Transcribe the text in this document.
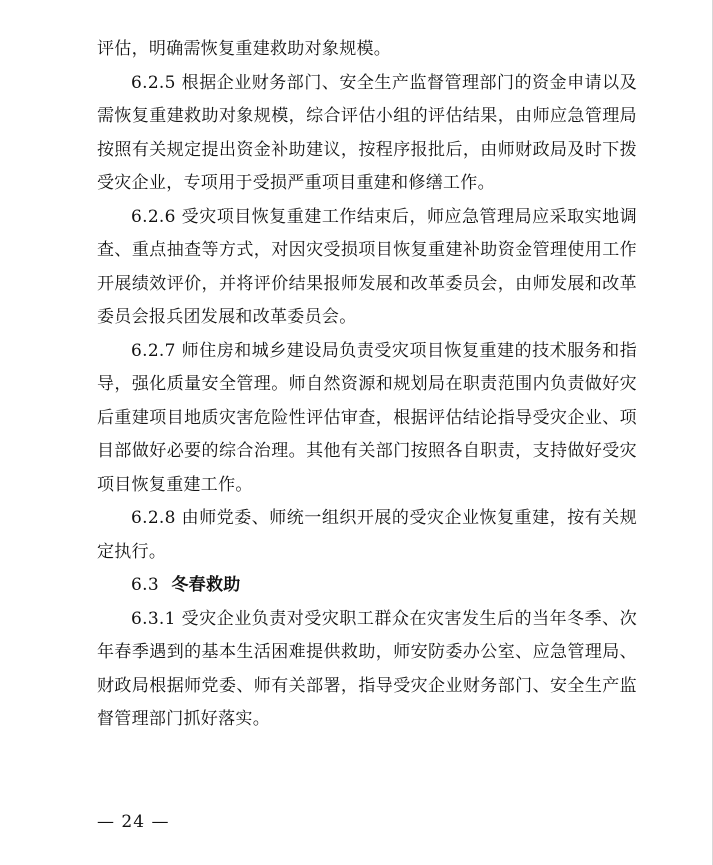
评估，明确需恢复重建救助对象规模。

6.2.5 根据企业财务部门、安全生产监督管理部门的资金申请以及需恢复重建救助对象规模，综合评估小组的评估结果，由师应急管理局按照有关规定提出资金补助建议，按程序报批后，由师财政局及时下拨受灾企业，专项用于受损严重项目重建和修缮工作。

6.2.6 受灾项目恢复重建工作结束后，师应急管理局应采取实地调查、重点抽查等方式，对因灾受损项目恢复重建补助资金管理使用工作开展绩效评价，并将评价结果报师发展和改革委员会，由师发展和改革委员会报兵团发展和改革委员会。

6.2.7 师住房和城乡建设局负责受灾项目恢复重建的技术服务和指导，强化质量安全管理。师自然资源和规划局在职责范围内负责做好灾后重建项目地质灾害危险性评估审查，根据评估结论指导受灾企业、项目部做好必要的综合治理。其他有关部门按照各自职责，支持做好受灾项目恢复重建工作。

6.2.8 由师党委、师统一组织开展的受灾企业恢复重建，按有关规定执行。

6.3 冬春救助

6.3.1 受灾企业负责对受灾职工群众在灾害发生后的当年冬季、次年春季遇到的基本生活困难提供救助，师安防委办公室、应急管理局、财政局根据师党委、师有关部署，指导受灾企业财务部门、安全生产监督管理部门抓好落实。

— 24 —
